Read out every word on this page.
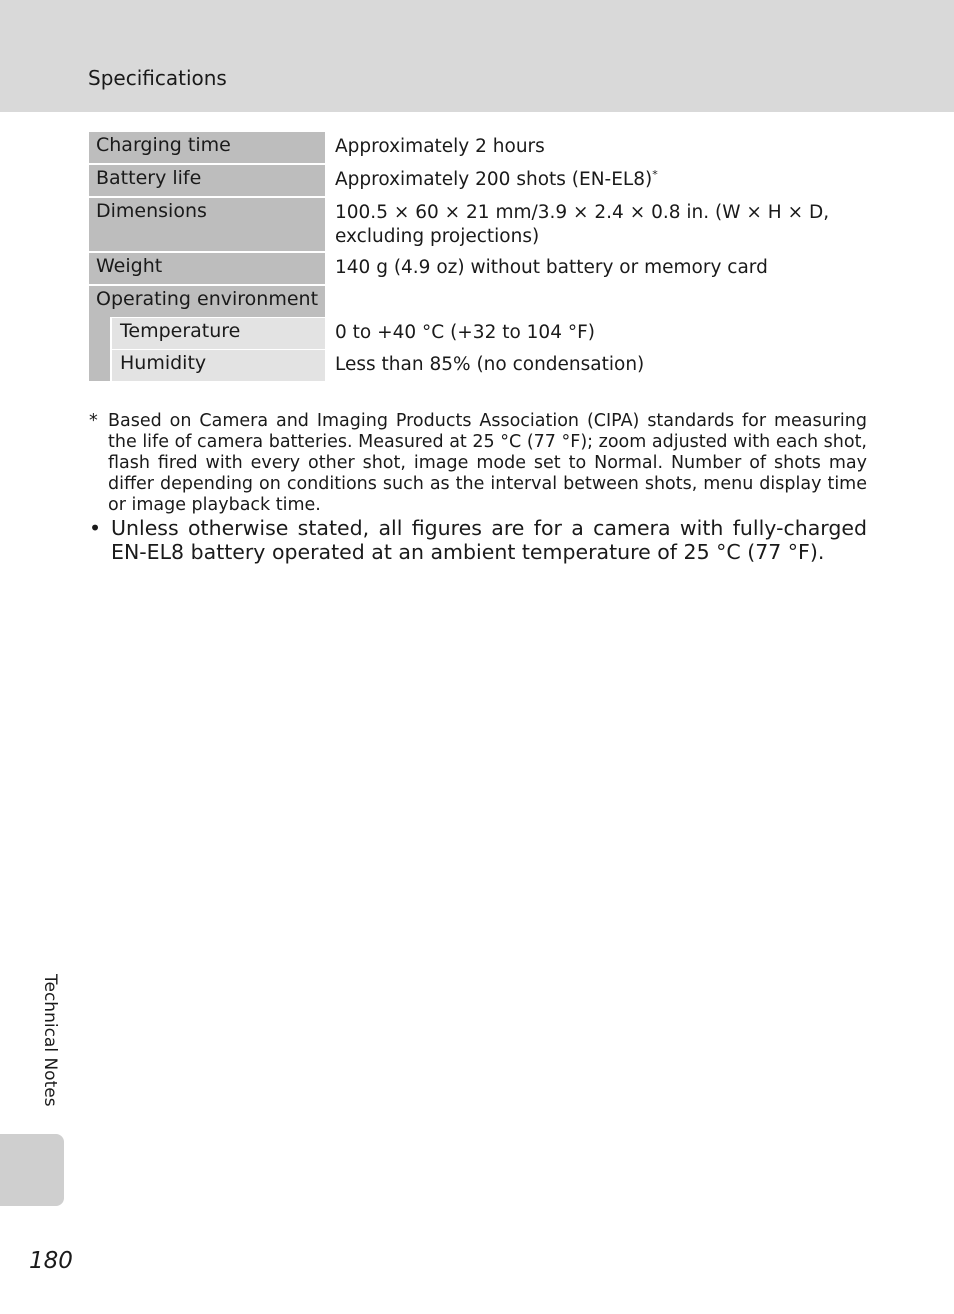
Specifications
Charging time	Approximately 2 hours
Battery life	Approximately 200 shots (EN-EL8)*
Dimensions	100.5 × 60 × 21 mm/3.9 × 2.4 × 0.8 in. (W × H × D,
excluding projections)
Weight	140 g (4.9 oz) without battery or memory card
Operating environment
Temperature	0 to +40 °C (+32 to 104 °F)
Humidity	Less than 85% (no condensation)
* Based on Camera and Imaging Products Association (CIPA) standards for measuring the life of camera batteries. Measured at 25 °C (77 °F); zoom adjusted with each shot, flash fired with every other shot, image mode set to Normal. Number of shots may differ depending on conditions such as the interval between shots, menu display time or image playback time.
• Unless otherwise stated, all figures are for a camera with fully-charged EN-EL8 battery operated at an ambient temperature of 25 °C (77 °F).
Technical Notes
180
